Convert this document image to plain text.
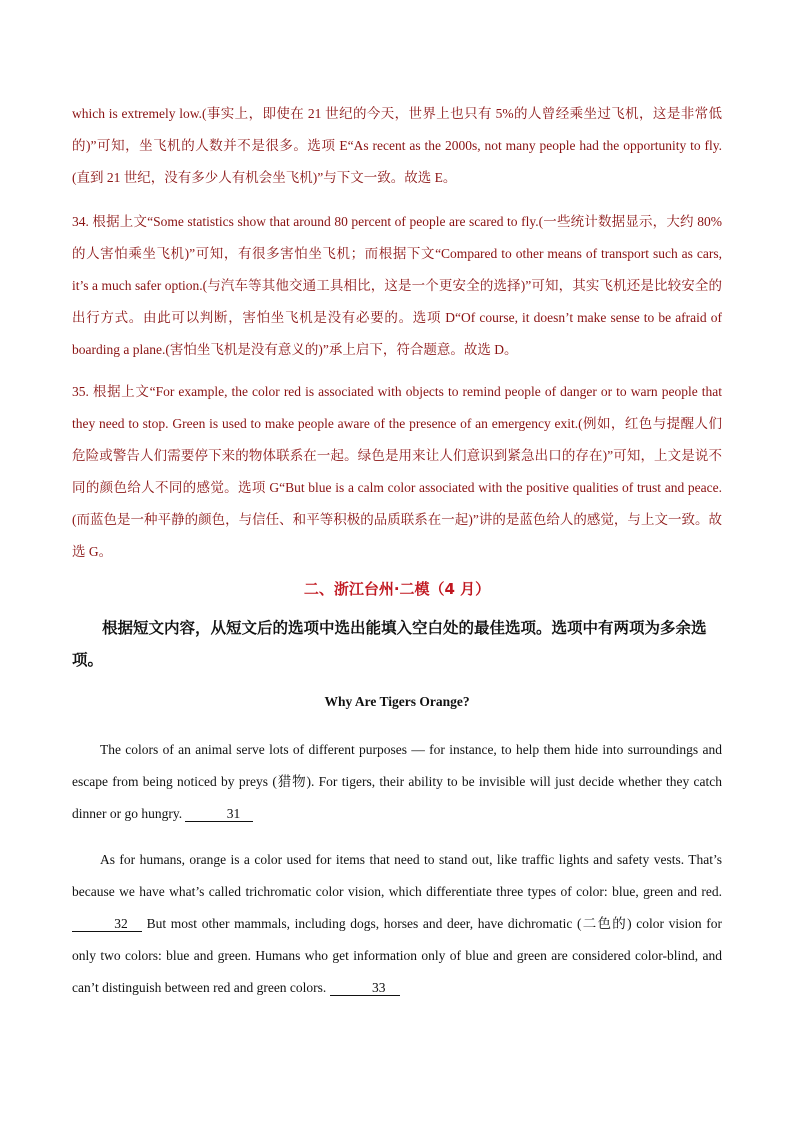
which is extremely low.(事实上，即使在 21 世纪的今天，世界上也只有 5%的人曾经乘坐过飞机，这是非常低的)”可知，坐飞机的人数并不是很多。选项 E“As recent as the 2000s, not many people had the opportunity to fly.(直到 21 世纪，没有多少人有机会坐飞机)”与下文一致。故选 E。

34. 根据上文“Some statistics show that around 80 percent of people are scared to fly.(一些统计数据显示，大约 80%的人害怕乘坐飞机)”可知，有很多害怕坐飞机；而根据下文“Compared to other means of transport such as cars, it’s a much safer option.(与汽车等其他交通工具相比，这是一个更安全的选择)”可知，其实飞机还是比较安全的出行方式。由此可以判断，害怕坐飞机是没有必要的。选项 D“Of course, it doesn’t make sense to be afraid of boarding a plane.(害怕坐飞机是没有意义的)”承上启下，符合题意。故选 D。

35. 根据上文“For example, the color red is associated with objects to remind people of danger or to warn people that they need to stop. Green is used to make people aware of the presence of an emergency exit.(例如，红色与提醒人们危险或警告人们需要停下来的物体联系在一起。绿色是用来让人们意识到紧急出口的存在)”可知，上文是说不同的颜色给人不同的感觉。选项 G“But blue is a calm color associated with the positive qualities of trust and peace.(而蓝色是一种平静的颜色，与信任、和平等积极的品质联系在一起)”讲的是蓝色给人的感觉，与上文一致。故选 G。

二、浙江台州·二模（4 月）
根据短文内容，从短文后的选项中选出能填入空白处的最佳选项。选项中有两项为多余选项。
Why Are Tigers Orange?

The colors of an animal serve lots of different purposes — for instance, to help them hide into surroundings and escape from being noticed by preys (猎物). For tigers, their ability to be invisible will just decide whether they catch dinner or go hungry.	31

As for humans, orange is a color used for items that need to stand out, like traffic lights and safety vests. That’s because we have what’s called trichromatic color vision, which differentiate three types of color: blue, green and red. 32 But most other mammals, including dogs, horses and deer, have dichromatic (二色的) color vision for only two colors: blue and green. Humans who get information only of blue and green are considered color-blind, and can’t distinguish between red and green colors.	33
